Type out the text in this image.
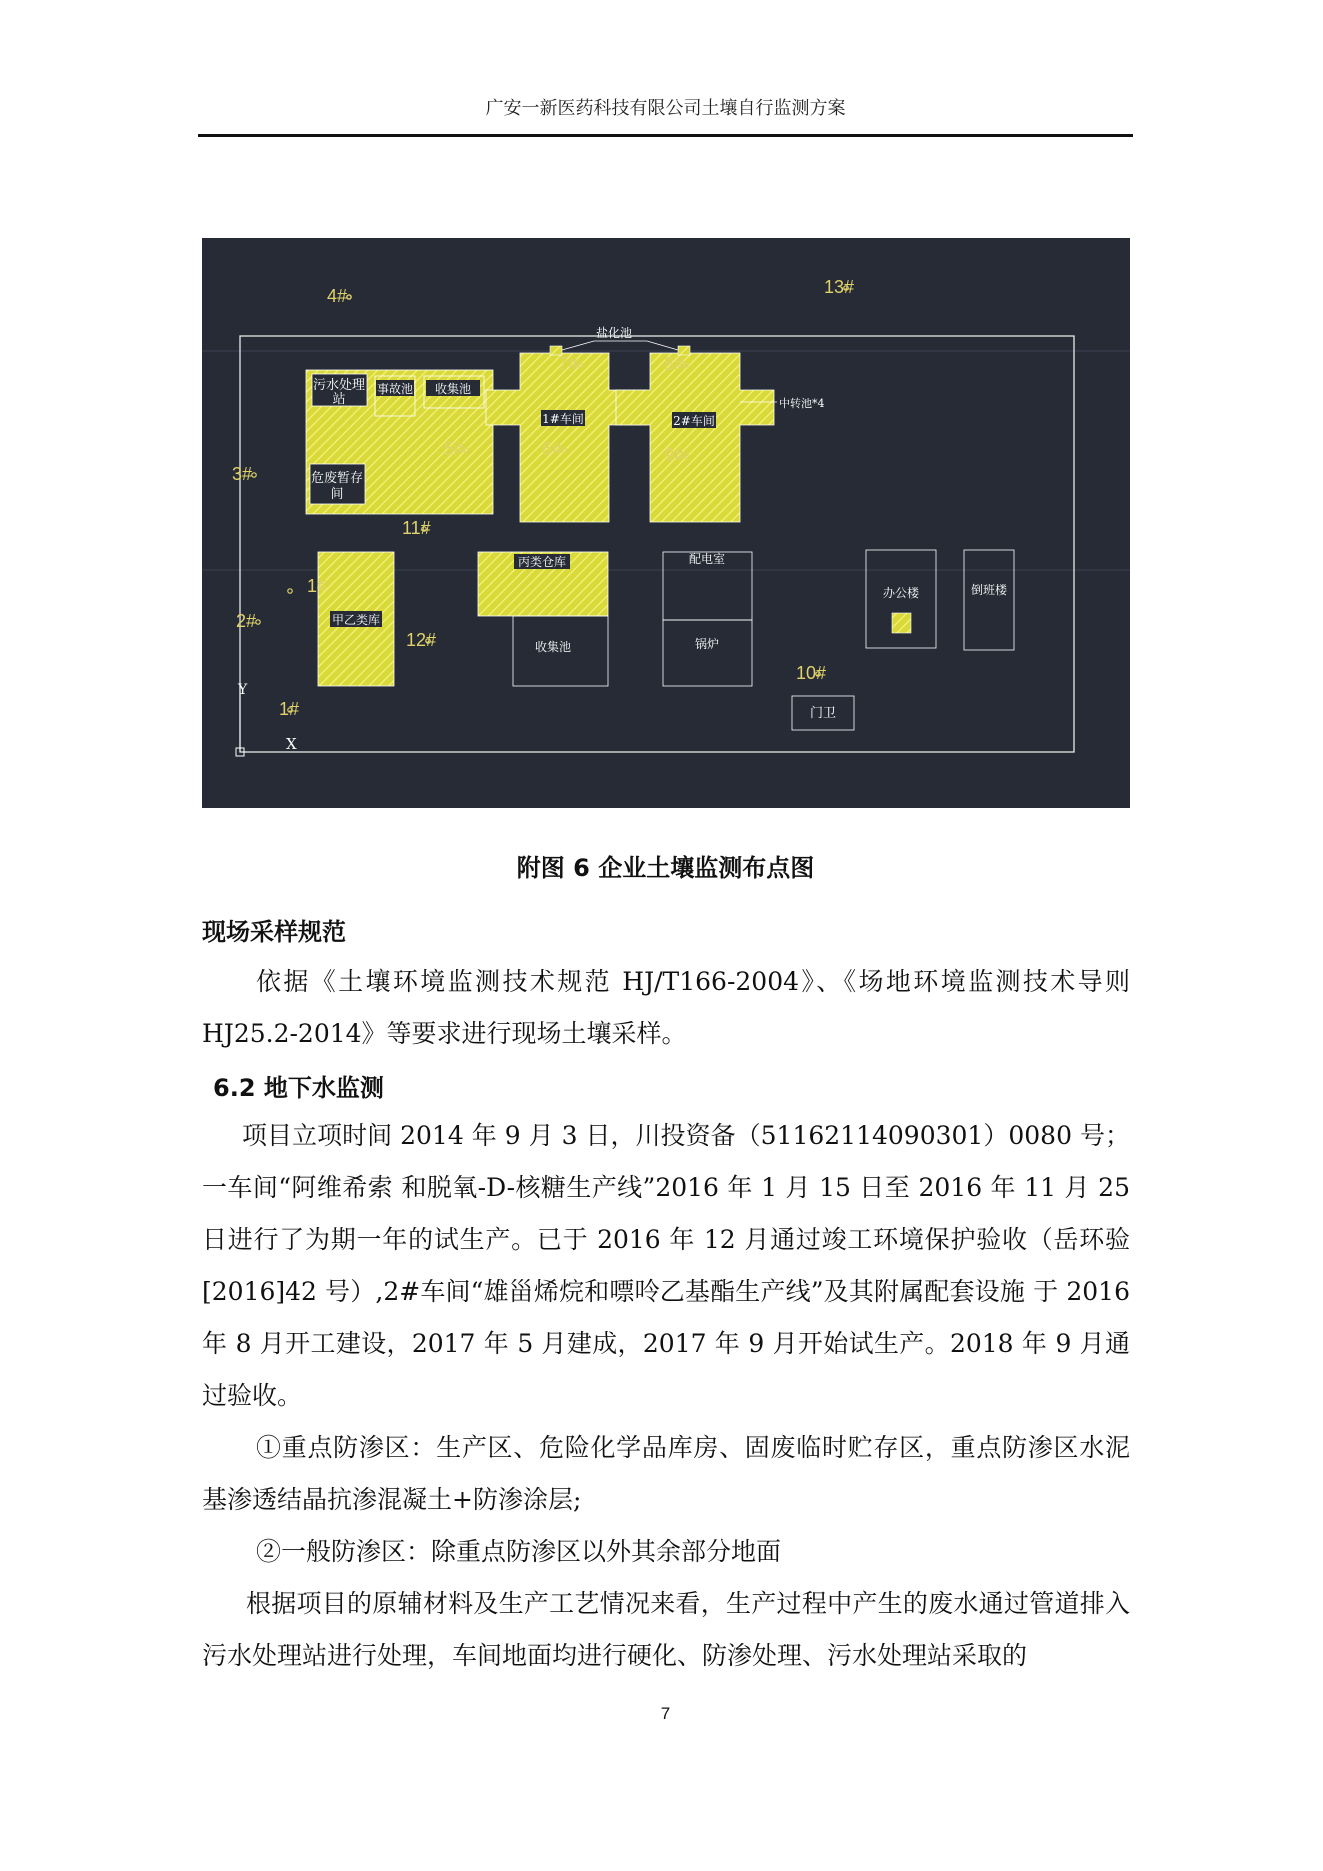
广安一新医药科技有限公司土壤自行监测方案
污水处理
站
事故池 收集池
危废暂存
间
1#车间	2#车间
盐化池
中转池*4
甲乙类库
丙类仓库
收集池
配电室
锅炉
办公楼	倒班楼
门卫
Y
X
1#
1#
2#
3#
4#
5#	6#
7#	8#
9#
10#
11#
12#
13#
附图 6 企业土壤监测布点图
现场采样规范

依据《土壤环境监测技术规范 HJ/T166-2004》、《场地环境监测技术导则 HJ25.2-2014》等要求进行现场土壤采样。

6.2 地下水监测

项目立项时间 2014 年 9 月 3 日，川投资备（51162114090301）0080 号；一车间“阿维希索 和脱氧-D-核糖生产线”2016 年 1 月 15 日至 2016 年 11 月 25 日进行了为期一年的试生产。已于 2016 年 12 月通过竣工环境保护验收（岳环验[2016]42 号）,2#车间“雄甾烯烷和嘌呤乙基酯生产线”及其附属配套设施 于 2016 年 8 月开工建设，2017 年 5 月建成，2017 年 9 月开始试生产。2018 年 9 月通过验收。

①重点防渗区：生产区、危险化学品库房、固废临时贮存区，重点防渗区水泥基渗透结晶抗渗混凝土+防渗涂层;

②一般防渗区：除重点防渗区以外其余部分地面

根据项目的原辅材料及生产工艺情况来看，生产过程中产生的废水通过管道排入污水处理站进行处理，车间地面均进行硬化、防渗处理、污水处理站采取的

7
